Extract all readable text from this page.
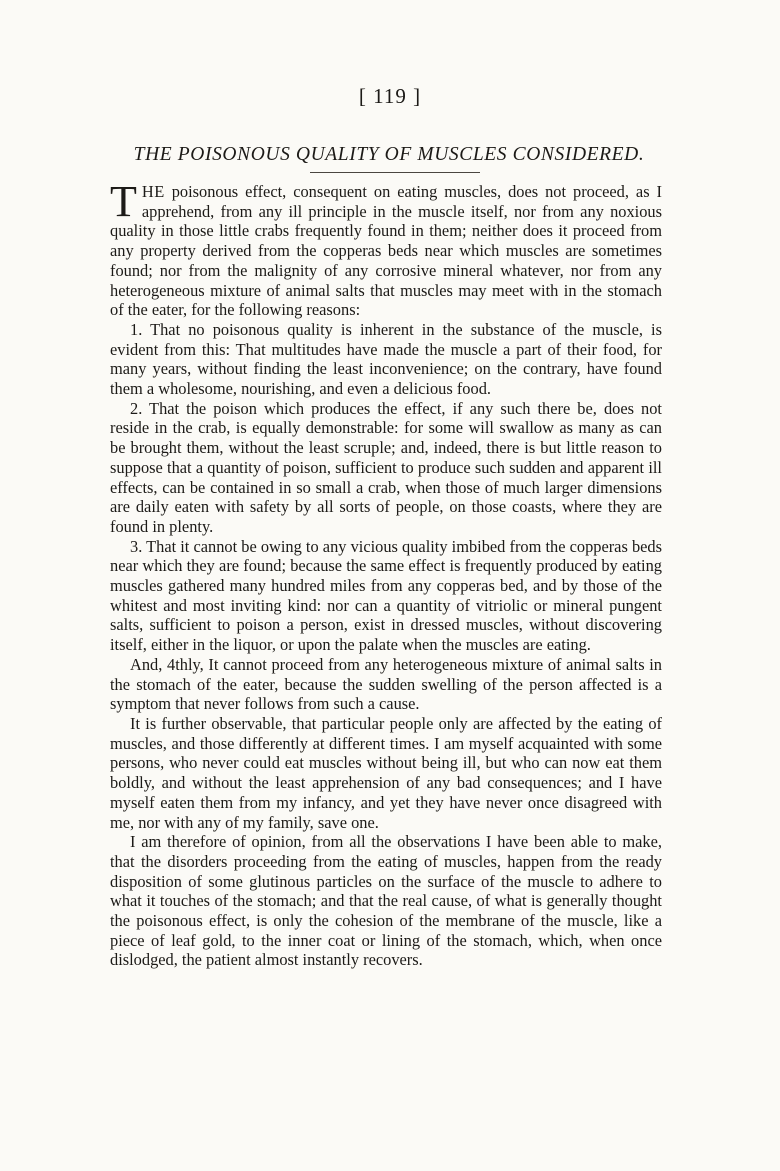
[ 119 ]
THE POISONOUS QUALITY OF MUSCLES CONSIDERED.

THE poisonous effect, consequent on eating muscles, does not proceed, as I apprehend, from any ill principle in the muscle itself, nor from any noxious quality in those little crabs frequently found in them; neither does it proceed from any property derived from the copperas beds near which muscles are sometimes found; nor from the malignity of any corrosive mineral whatever, nor from any heterogeneous mixture of animal salts that muscles may meet with in the stomach of the eater, for the following reasons:

1. That no poisonous quality is inherent in the substance of the muscle, is evident from this: That multitudes have made the muscle a part of their food, for many years, without finding the least inconvenience; on the contrary, have found them a wholesome, nourishing, and even a delicious food.

2. That the poison which produces the effect, if any such there be, does not reside in the crab, is equally demonstrable: for some will swallow as many as can be brought them, without the least scruple; and, indeed, there is but little reason to suppose that a quantity of poison, sufficient to produce such sudden and apparent ill effects, can be contained in so small a crab, when those of much larger dimensions are daily eaten with safety by all sorts of people, on those coasts, where they are found in plenty.

3. That it cannot be owing to any vicious quality imbibed from the copperas beds near which they are found; because the same effect is frequently produced by eating muscles gathered many hundred miles from any copperas bed, and by those of the whitest and most inviting kind: nor can a quantity of vitriolic or mineral pungent salts, sufficient to poison a person, exist in dressed muscles, without discovering itself, either in the liquor, or upon the palate when the muscles are eating.

And, 4thly, It cannot proceed from any heterogeneous mixture of animal salts in the stomach of the eater, because the sudden swelling of the person affected is a symptom that never follows from such a cause.

It is further observable, that particular people only are affected by the eating of muscles, and those differently at different times. I am myself acquainted with some persons, who never could eat muscles without being ill, but who can now eat them boldly, and without the least apprehension of any bad consequences; and I have myself eaten them from my infancy, and yet they have never once disagreed with me, nor with any of my family, save one.

I am therefore of opinion, from all the observations I have been able to make, that the disorders proceeding from the eating of muscles, happen from the ready disposition of some glutinous particles on the surface of the muscle to adhere to what it touches of the stomach; and that the real cause, of what is generally thought the poisonous effect, is only the cohesion of the membrane of the muscle, like a piece of leaf gold, to the inner coat or lining of the stomach, which, when once dislodged, the patient almost instantly recovers.
